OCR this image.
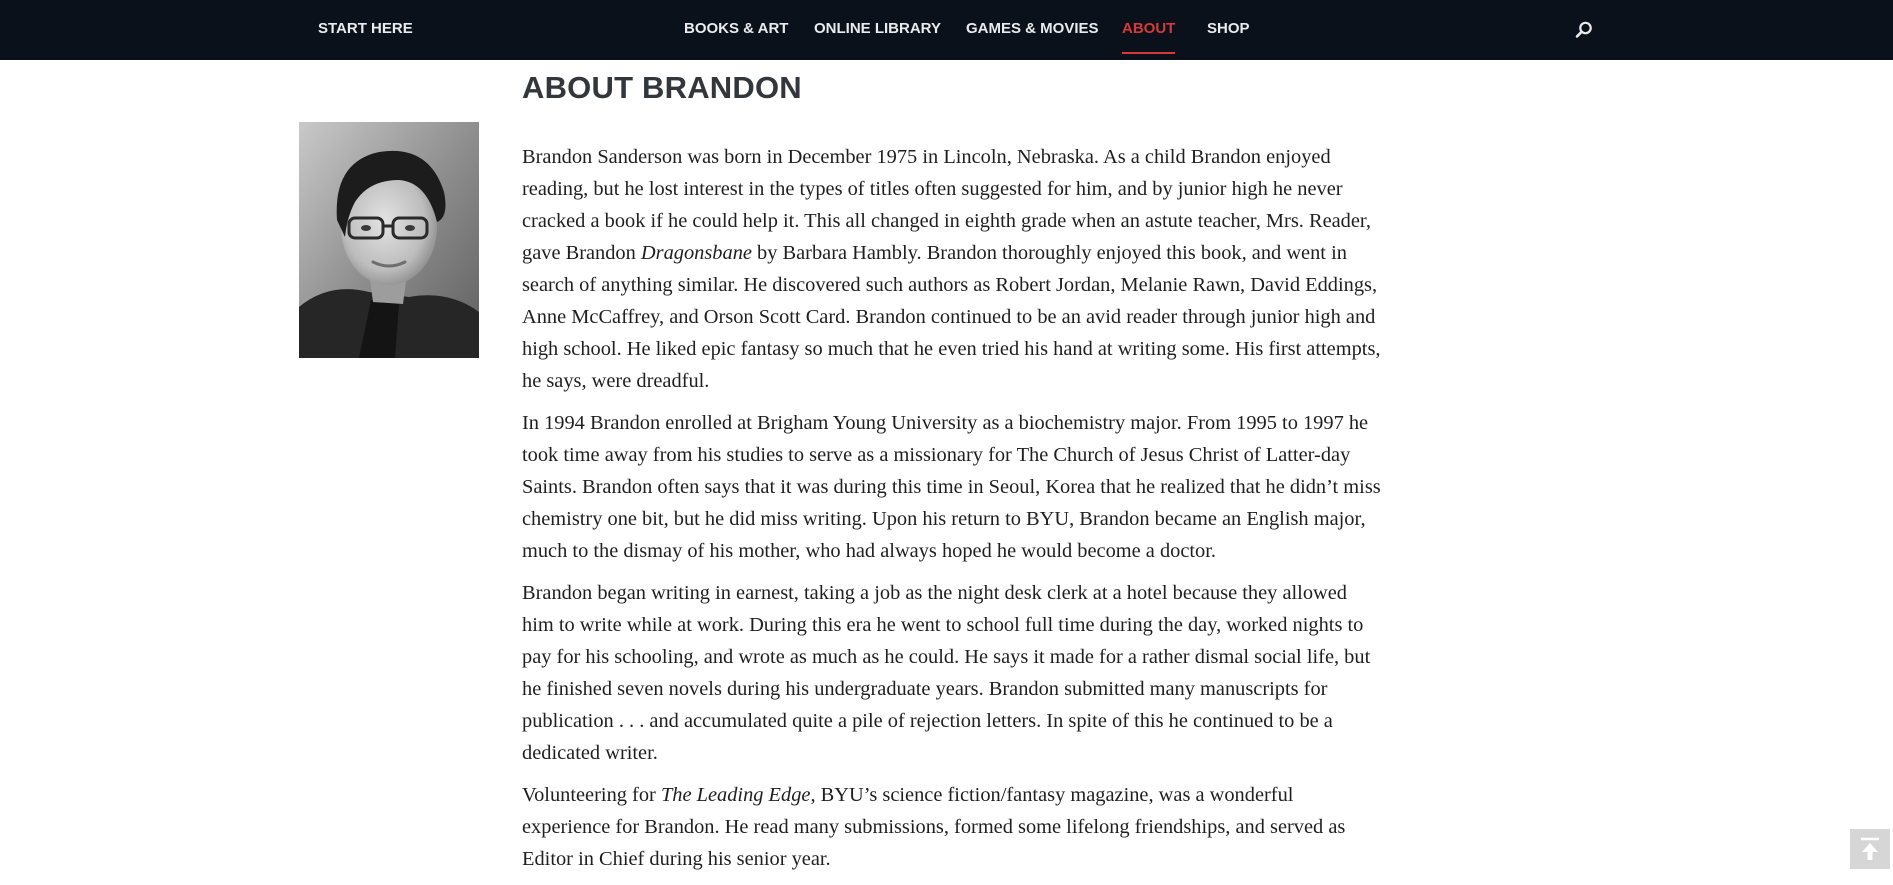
START HERE	BOOKS & ART ONLINE LIBRARY GAMES & MOVIES ABOUT SHOP
ABOUT BRANDON

Brandon Sanderson was born in December 1975 in Lincoln, Nebraska. As a child Brandon enjoyed reading, but he lost interest in the types of titles often suggested for him, and by junior high he never cracked a book if he could help it. This all changed in eighth grade when an astute teacher, Mrs. Reader, gave Brandon Dragonsbane by Barbara Hambly. Brandon thoroughly enjoyed this book, and went in search of anything similar. He discovered such authors as Robert Jordan, Melanie Rawn, David Eddings, Anne McCaffrey, and Orson Scott Card. Brandon continued to be an avid reader through junior high and high school. He liked epic fantasy so much that he even tried his hand at writing some. His first attempts, he says, were dreadful.

In 1994 Brandon enrolled at Brigham Young University as a biochemistry major. From 1995 to 1997 he took time away from his studies to serve as a missionary for The Church of Jesus Christ of Latter-day Saints. Brandon often says that it was during this time in Seoul, Korea that he realized that he didn’t miss chemistry one bit, but he did miss writing. Upon his return to BYU, Brandon became an English major, much to the dismay of his mother, who had always hoped he would become a doctor.

Brandon began writing in earnest, taking a job as the night desk clerk at a hotel because they allowed him to write while at work. During this era he went to school full time during the day, worked nights to pay for his schooling, and wrote as much as he could. He says it made for a rather dismal social life, but he finished seven novels during his undergraduate years. Brandon submitted many manuscripts for publication . . . and accumulated quite a pile of rejection letters. In spite of this he continued to be a dedicated writer.

Volunteering for The Leading Edge, BYU’s science fiction/fantasy magazine, was a wonderful experience for Brandon. He read many submissions, formed some lifelong friendships, and served as Editor in Chief during his senior year.
